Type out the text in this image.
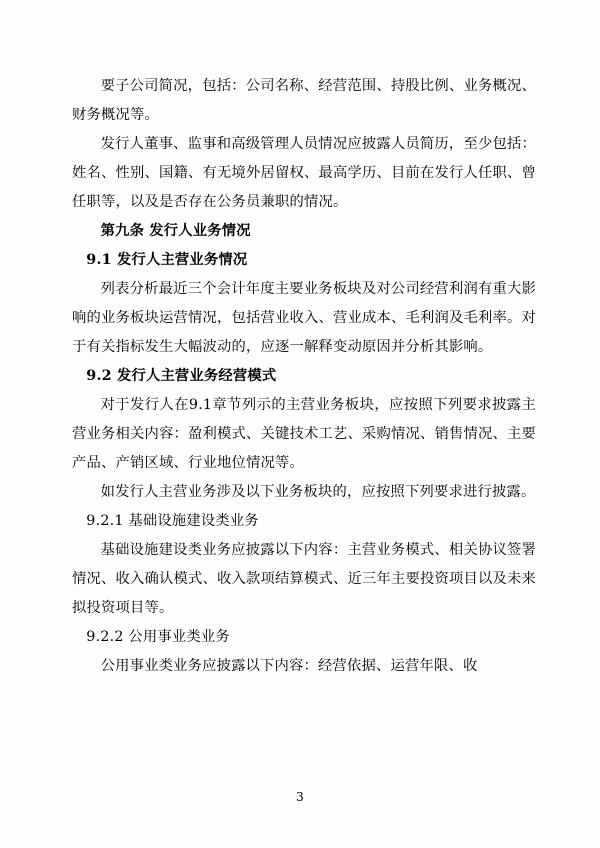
要子公司简况，包括：公司名称、经营范围、持股比例、业务概况、财务概况等。

发行人董事、监事和高级管理人员情况应披露人员简历，至少包括：姓名、性别、国籍、有无境外居留权、最高学历、目前在发行人任职、曾任职等，以及是否存在公务员兼职的情况。

第九条 发行人业务情况

9.1 发行人主营业务情况

列表分析最近三个会计年度主要业务板块及对公司经营利润有重大影响的业务板块运营情况，包括营业收入、营业成本、毛利润及毛利率。对于有关指标发生大幅波动的，应逐一解释变动原因并分析其影响。

9.2 发行人主营业务经营模式

对于发行人在9.1章节列示的主营业务板块，应按照下列要求披露主营业务相关内容：盈利模式、关键技术工艺、采购情况、销售情况、主要产品、产销区域、行业地位情况等。

如发行人主营业务涉及以下业务板块的，应按照下列要求进行披露。

9.2.1 基础设施建设类业务

基础设施建设类业务应披露以下内容：主营业务模式、相关协议签署情况、收入确认模式、收入款项结算模式、近三年主要投资项目以及未来拟投资项目等。

9.2.2 公用事业类业务

公用事业类业务应披露以下内容：经营依据、运营年限、收

3
